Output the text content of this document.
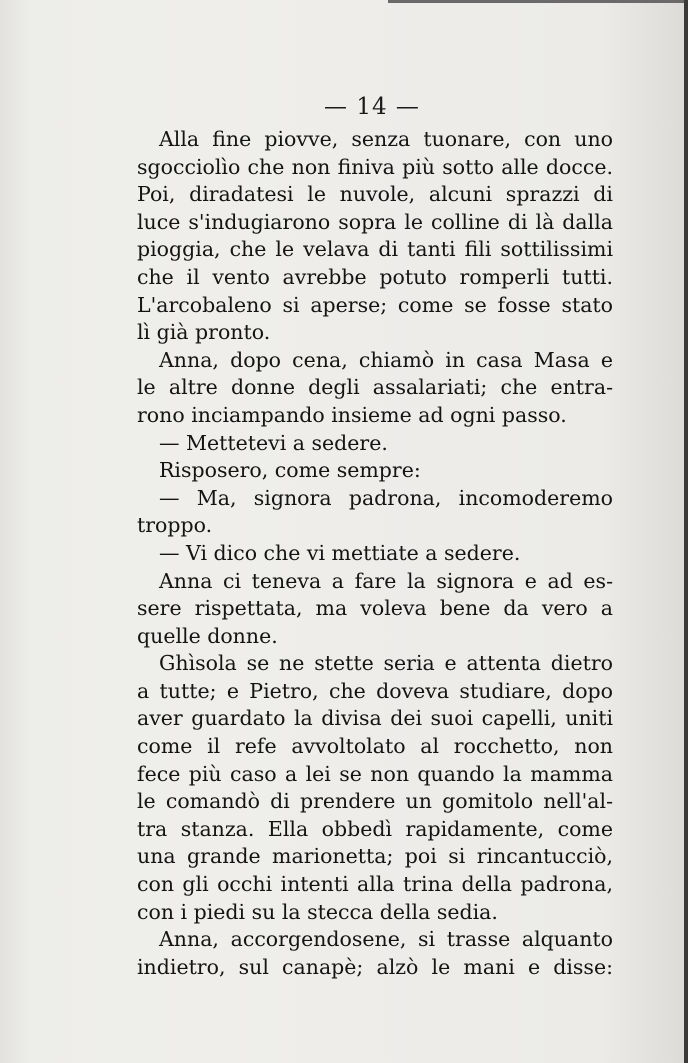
— 14 —
Alla fine piovve, senza tuonare, con uno
sgocciolìo che non finiva più sotto alle docce.
Poi, diradatesi le nuvole, alcuni sprazzi di
luce s'indugiarono sopra le colline di là dalla
pioggia, che le velava di tanti fili sottilissimi
che il vento avrebbe potuto romperli tutti.
L'arcobaleno si aperse; come se fosse stato
lì già pronto.
Anna, dopo cena, chiamò in casa Masa e
le altre donne degli assalariati; che entra-
rono inciampando insieme ad ogni passo.
— Mettetevi a sedere.
Risposero, come sempre:
— Ma, signora padrona, incomoderemo
troppo.
— Vi dico che vi mettiate a sedere.
Anna ci teneva a fare la signora e ad es-
sere rispettata, ma voleva bene da vero a
quelle donne.
Ghìsola se ne stette seria e attenta dietro
a tutte; e Pietro, che doveva studiare, dopo
aver guardato la divisa dei suoi capelli, uniti
come il refe avvoltolato al rocchetto, non
fece più caso a lei se non quando la mamma
le comandò di prendere un gomitolo nell'al-
tra stanza. Ella obbedì rapidamente, come
una grande marionetta; poi si rincantucciò,
con gli occhi intenti alla trina della padrona,
con i piedi su la stecca della sedia.
Anna, accorgendosene, si trasse alquanto
indietro, sul canapè; alzò le mani e disse:
